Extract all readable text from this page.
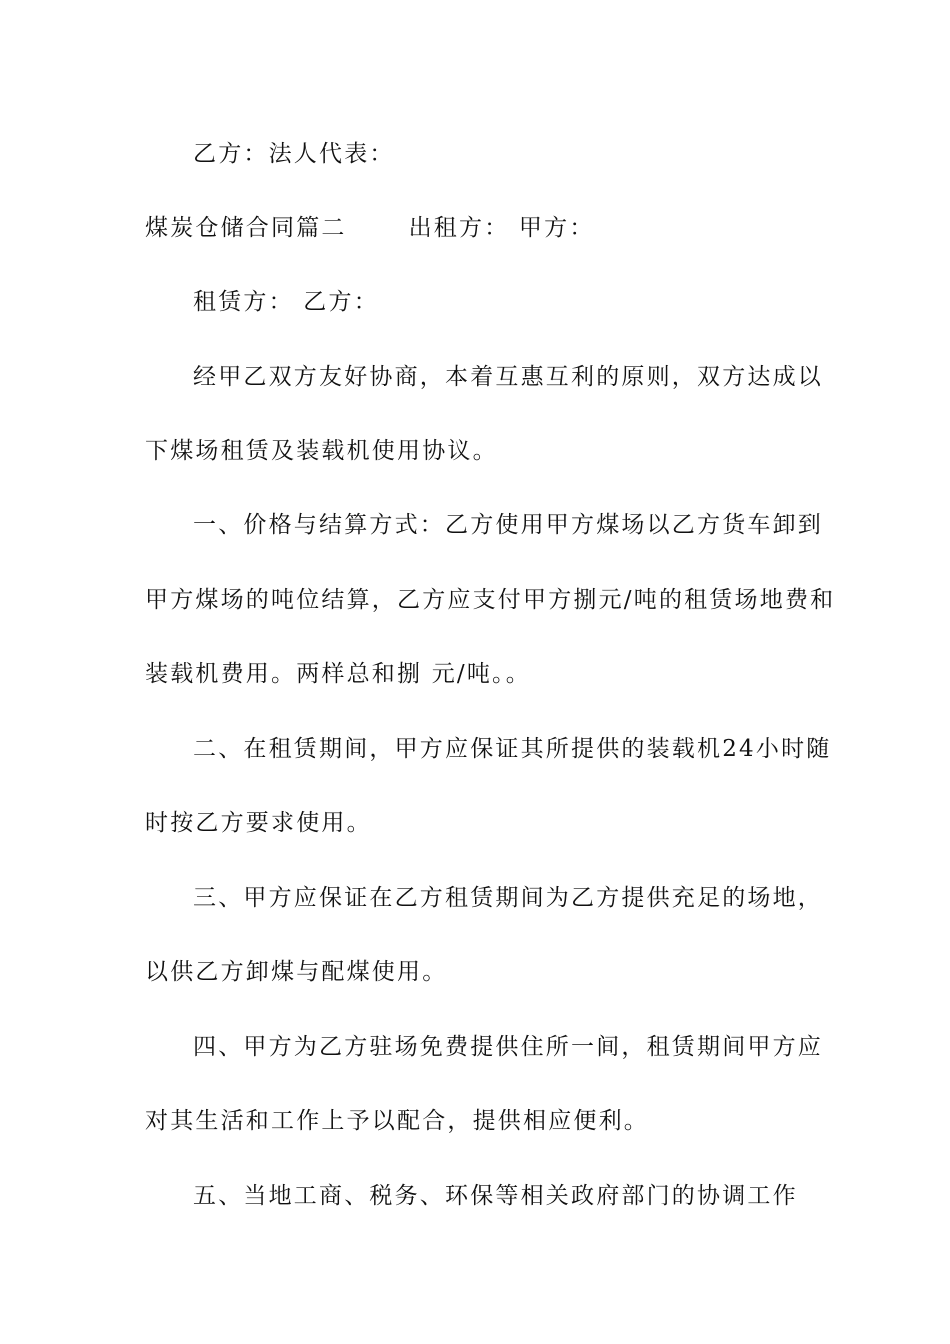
乙方：法人代表：
煤炭仓储合同篇二	出租方： 甲方：
租赁方： 乙方：
经甲乙双方友好协商，本着互惠互利的原则，双方达成以
下煤场租赁及装载机使用协议。
一、价格与结算方式：乙方使用甲方煤场以乙方货车卸到
甲方煤场的吨位结算，乙方应支付甲方捌元/吨的租赁场地费和
装载机费用。两样总和捌 元/吨。。
二、在租赁期间，甲方应保证其所提供的装载机24小时随
时按乙方要求使用。
三、甲方应保证在乙方租赁期间为乙方提供充足的场地，
以供乙方卸煤与配煤使用。
四、甲方为乙方驻场免费提供住所一间，租赁期间甲方应
对其生活和工作上予以配合，提供相应便利。
五、当地工商、税务、环保等相关政府部门的协调工作
